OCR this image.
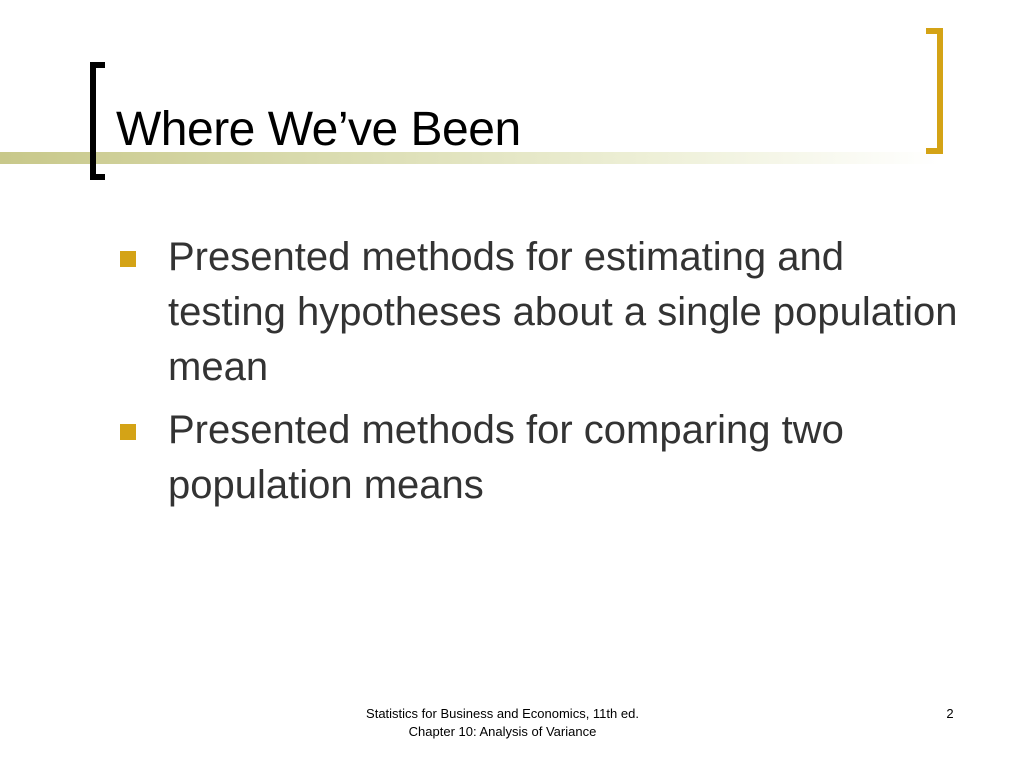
Where We’ve Been
Presented methods for estimating and testing hypotheses about a single population mean
Presented methods for comparing two population means
Statistics for Business and Economics, 11th ed.
Chapter 10: Analysis of Variance
2
